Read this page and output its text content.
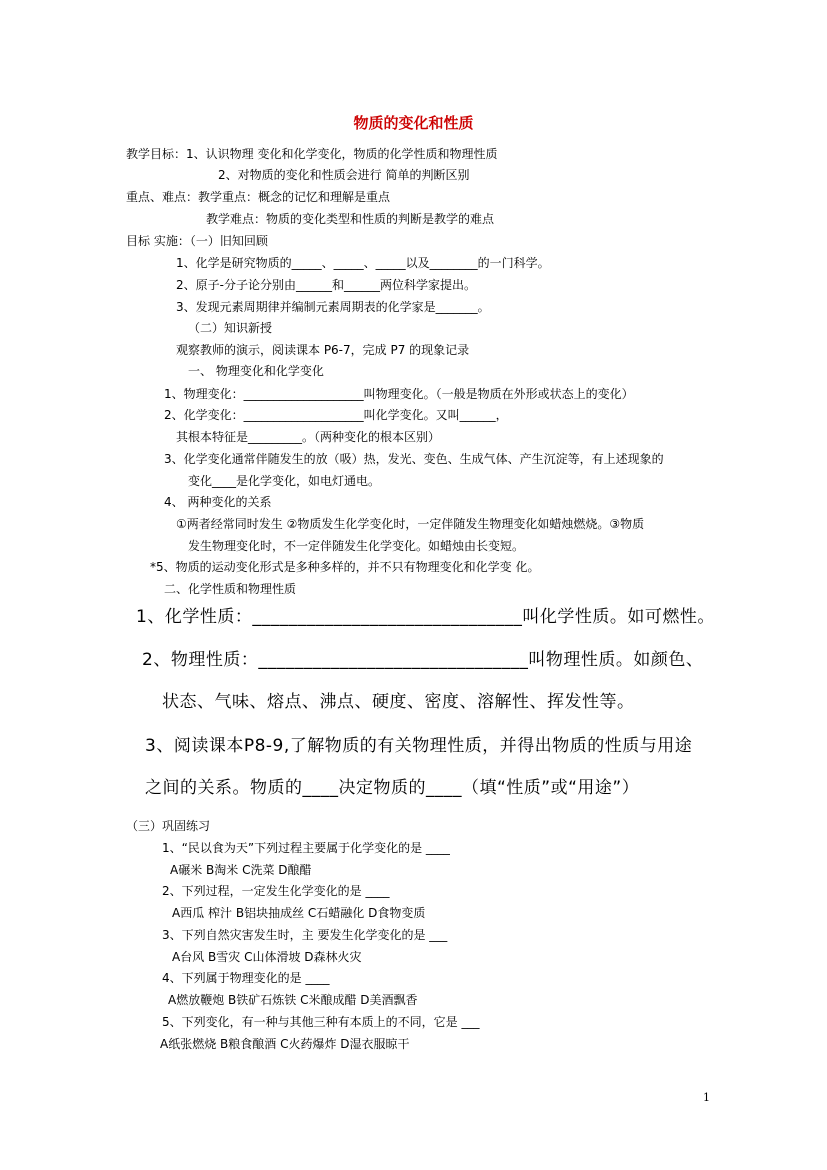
物质的变化和性质
教学目标：1、认识物理 变化和化学变化，物质的化学性质和物理性质
2、对物质的变化和性质会进行 简单的判断区别
重点、难点：教学重点：概念的记忆和理解是重点
教学难点：物质的变化类型和性质的判断是教学的难点
目标 实施：（一）旧知回顾
1、化学是研究物质的_____、_____、_____以及________的一门科学。
2、原子-分子论分别由______和______两位科学家提出。
3、发现元素周期律并编制元素周期表的化学家是_______。
（二）知识新授
观察教师的演示，阅读课本 P6-7，完成 P7 的现象记录
一、 物理变化和化学变化
1、物理变化：____________________叫物理变化。（一般是物质在外形或状态上的变化）
2、化学变化：____________________叫化学变化。又叫______，
其根本特征是_________。（两种变化的根本区别）
3、化学变化通常伴随发生的放（吸）热，发光、变色、生成气体、产生沉淀等，有上述现象的
变化____是化学变化，如电灯通电。
4、 两种变化的关系
①两者经常同时发生 ②物质发生化学变化时，一定伴随发生物理变化如蜡烛燃烧。③物质
发生物理变化时，不一定伴随发生化学变化。如蜡烛由长变短。
*5、物质的运动变化形式是多种多样的，并不只有物理变化和化学变 化。
二、化学性质和物理性质
1、化学性质：______________________________叫化学性质。如可燃性。
2、物理性质：______________________________叫物理性质。如颜色、
状态、气味、熔点、沸点、硬度、密度、溶解性、挥发性等。
3、阅读课本P8-9,了解物质的有关物理性质，并得出物质的性质与用途
之间的关系。物质的____决定物质的____（填“性质”或“用途”）
（三）巩固练习
1、“民以食为天”下列过程主要属于化学变化的是 ____
A碾米 B淘米 C洗菜 D酿醋
2、下列过程，一定发生化学变化的是 ____
A西瓜 榨汁 B铝块抽成丝 C石蜡融化 D食物变质
3、下列自然灾害发生时，主 要发生化学变化的是 ___
A台风 B雪灾 C山体滑坡 D森林火灾
4、下列属于物理变化的是 ____
A燃放鞭炮 B铁矿石炼铁 C米酿成醋 D美酒飘香
5、下列变化，有一种与其他三种有本质上的不同，它是 ___
A纸张燃烧 B粮食酿酒 C火药爆炸 D湿衣服晾干
1
